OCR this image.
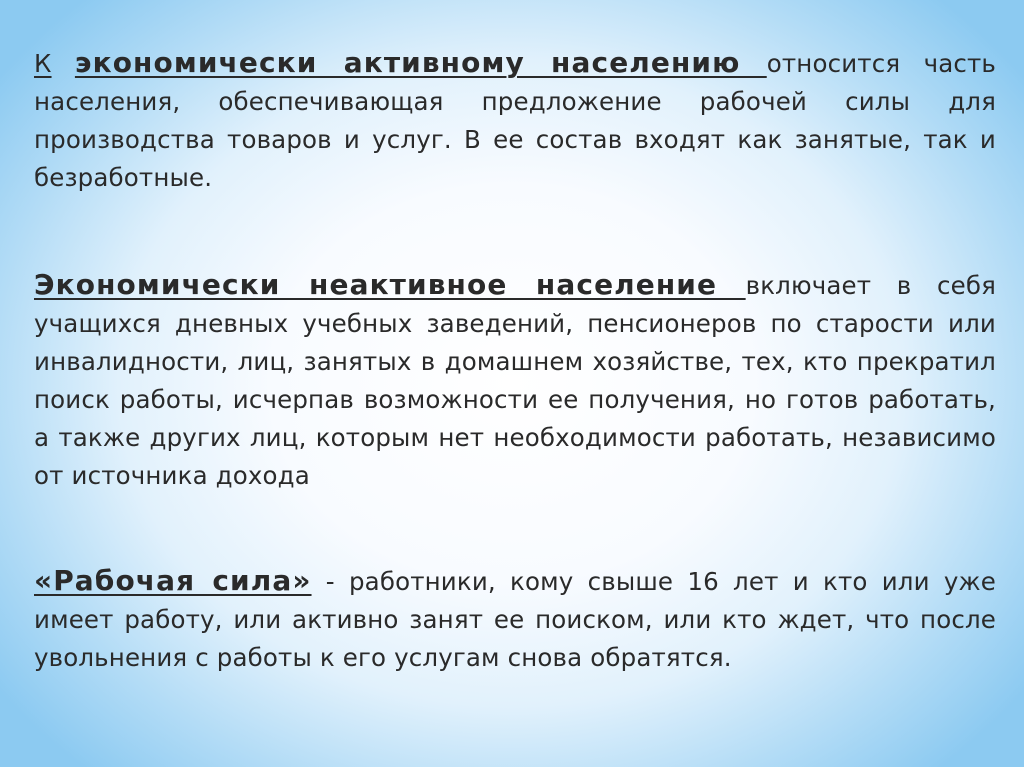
К экономически активному населению относится часть населения, обеспечивающая предложение рабочей силы для производства товаров и услуг. В ее состав входят как занятые, так и безработные.

Экономически неактивное население включает в себя учащихся дневных учебных заведений, пенсионеров по старости или инвалидности, лиц, занятых в домашнем хозяйстве, тех, кто прекратил поиск работы, исчерпав возможности ее получения, но готов работать, а также других лиц, которым нет необходимости работать, независимо от источника дохода

«Рабочая сила» - работники, кому свыше 16 лет и кто или уже имеет работу, или активно занят ее поиском, или кто ждет, что после увольнения с работы к его услугам снова обратятся.
